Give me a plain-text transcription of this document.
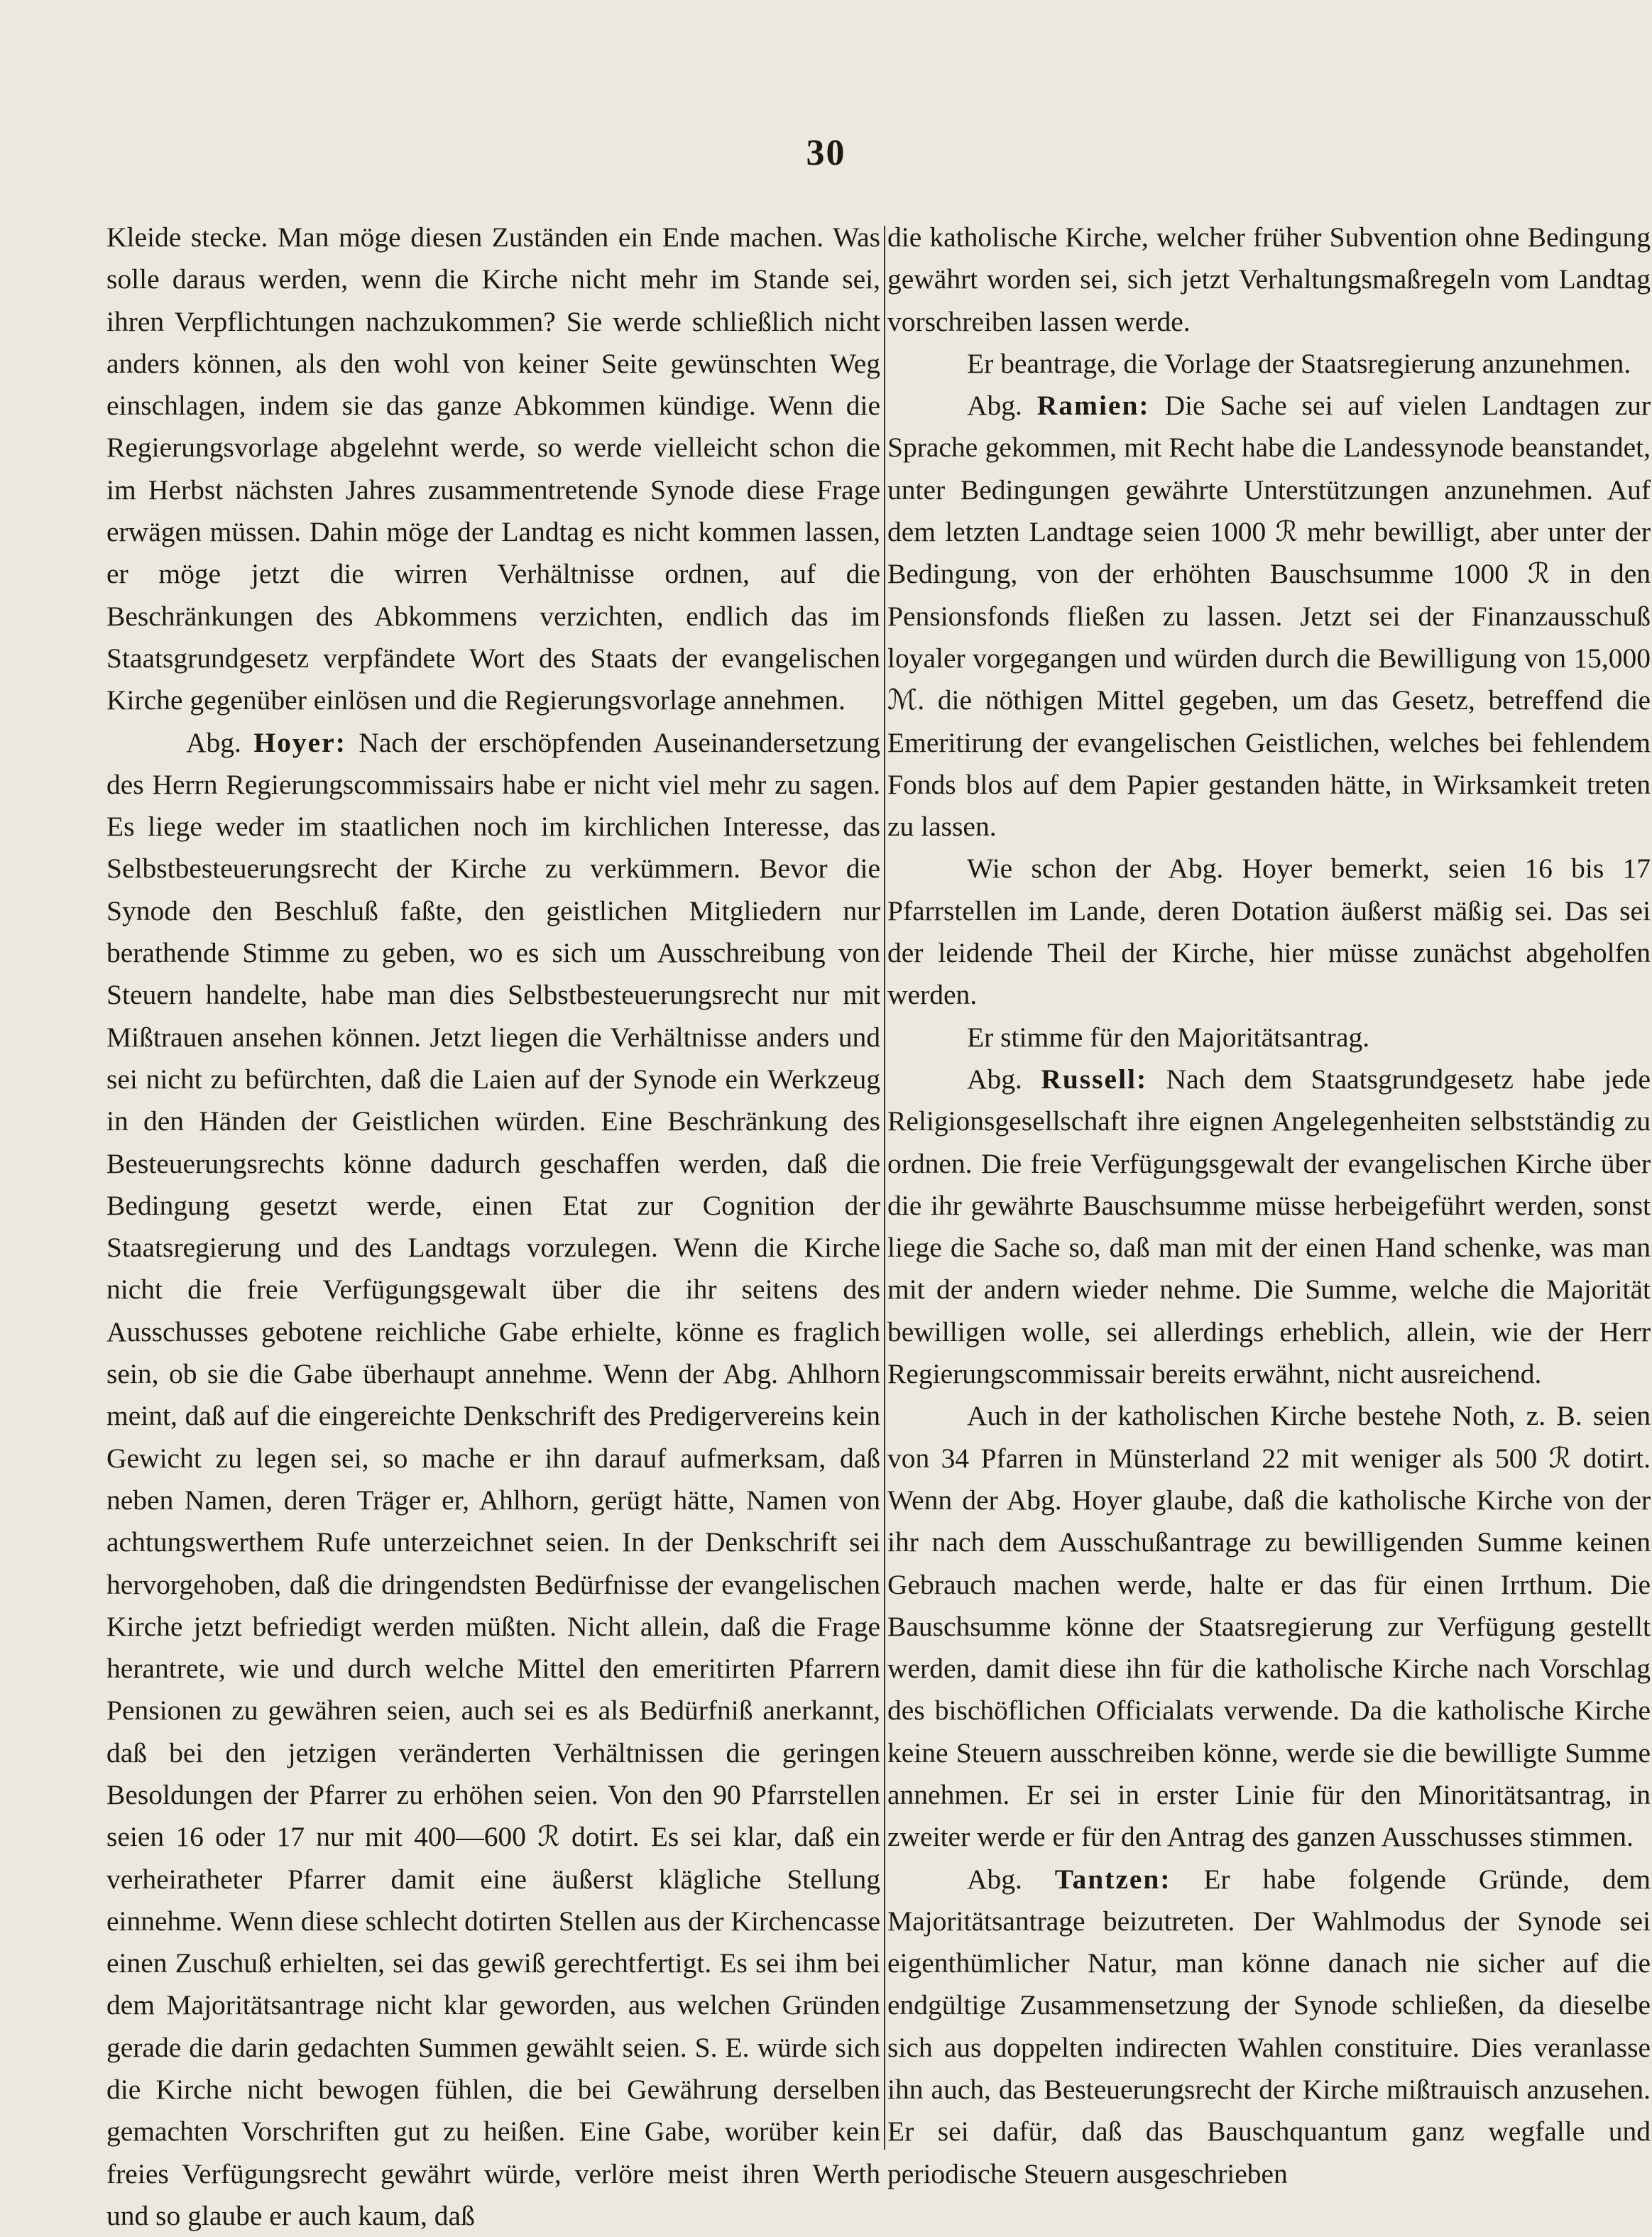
30

Kleide stecke. Man möge diesen Zuständen ein Ende machen. Was solle daraus werden, wenn die Kirche nicht mehr im Stande sei, ihren Verpflichtungen nachzukommen? Sie werde schließlich nicht anders können, als den wohl von keiner Seite gewünschten Weg einschlagen, indem sie das ganze Abkommen kündige. Wenn die Regierungsvorlage abgelehnt werde, so werde vielleicht schon die im Herbst nächsten Jahres zusammentretende Synode diese Frage erwägen müssen. Dahin möge der Landtag es nicht kommen lassen, er möge jetzt die wirren Verhältnisse ordnen, auf die Beschränkungen des Abkommens verzichten, endlich das im Staatsgrundgesetz verpfändete Wort des Staats der evangelischen Kirche gegenüber einlösen und die Regierungsvorlage annehmen.

Abg. Hoyer: Nach der erschöpfenden Auseinandersetzung des Herrn Regierungscommissairs habe er nicht viel mehr zu sagen. Es liege weder im staatlichen noch im kirchlichen Interesse, das Selbstbesteuerungsrecht der Kirche zu verkümmern. Bevor die Synode den Beschluß faßte, den geistlichen Mitgliedern nur berathende Stimme zu geben, wo es sich um Ausschreibung von Steuern handelte, habe man dies Selbstbesteuerungsrecht nur mit Mißtrauen ansehen können. Jetzt liegen die Verhältnisse anders und sei nicht zu befürchten, daß die Laien auf der Synode ein Werkzeug in den Händen der Geistlichen würden. Eine Beschränkung des Besteuerungsrechts könne dadurch geschaffen werden, daß die Bedingung gesetzt werde, einen Etat zur Cognition der Staatsregierung und des Landtags vorzulegen. Wenn die Kirche nicht die freie Verfügungsgewalt über die ihr seitens des Ausschusses gebotene reichliche Gabe erhielte, könne es fraglich sein, ob sie die Gabe überhaupt annehme. Wenn der Abg. Ahlhorn meint, daß auf die eingereichte Denkschrift des Predigervereins kein Gewicht zu legen sei, so mache er ihn darauf aufmerksam, daß neben Namen, deren Träger er, Ahlhorn, gerügt hätte, Namen von achtungswerthem Rufe unterzeichnet seien. In der Denkschrift sei hervorgehoben, daß die dringendsten Bedürfnisse der evangelischen Kirche jetzt befriedigt werden müßten. Nicht allein, daß die Frage herantrete, wie und durch welche Mittel den emeritirten Pfarrern Pensionen zu gewähren seien, auch sei es als Bedürfniß anerkannt, daß bei den jetzigen veränderten Verhältnissen die geringen Besoldungen der Pfarrer zu erhöhen seien. Von den 90 Pfarrstellen seien 16 oder 17 nur mit 400—600 ℛ dotirt. Es sei klar, daß ein verheiratheter Pfarrer damit eine äußerst klägliche Stellung einnehme. Wenn diese schlecht dotirten Stellen aus der Kirchencasse einen Zuschuß erhielten, sei das gewiß gerechtfertigt. Es sei ihm bei dem Majoritätsantrage nicht klar geworden, aus welchen Gründen gerade die darin gedachten Summen gewählt seien. S. E. würde sich die Kirche nicht bewogen fühlen, die bei Gewährung derselben gemachten Vorschriften gut zu heißen. Eine Gabe, worüber kein freies Verfügungsrecht gewährt würde, verlöre meist ihren Werth und so glaube er auch kaum, daß

die katholische Kirche, welcher früher Subvention ohne Bedingung gewährt worden sei, sich jetzt Verhaltungsmaßregeln vom Landtag vorschreiben lassen werde.

Er beantrage, die Vorlage der Staatsregierung anzunehmen.

Abg. Ramien: Die Sache sei auf vielen Landtagen zur Sprache gekommen, mit Recht habe die Landessynode beanstandet, unter Bedingungen gewährte Unterstützungen anzunehmen. Auf dem letzten Landtage seien 1000 ℛ mehr bewilligt, aber unter der Bedingung, von der erhöhten Bauschsumme 1000 ℛ in den Pensionsfonds fließen zu lassen. Jetzt sei der Finanzausschuß loyaler vorgegangen und würden durch die Bewilligung von 15,000 ℳ. die nöthigen Mittel gegeben, um das Gesetz, betreffend die Emeritirung der evangelischen Geistlichen, welches bei fehlendem Fonds blos auf dem Papier gestanden hätte, in Wirksamkeit treten zu lassen.

Wie schon der Abg. Hoyer bemerkt, seien 16 bis 17 Pfarrstellen im Lande, deren Dotation äußerst mäßig sei. Das sei der leidende Theil der Kirche, hier müsse zunächst abgeholfen werden.

Er stimme für den Majoritätsantrag.

Abg. Russell: Nach dem Staatsgrundgesetz habe jede Religionsgesellschaft ihre eignen Angelegenheiten selbstständig zu ordnen. Die freie Verfügungsgewalt der evangelischen Kirche über die ihr gewährte Bauschsumme müsse herbeigeführt werden, sonst liege die Sache so, daß man mit der einen Hand schenke, was man mit der andern wieder nehme. Die Summe, welche die Majorität bewilligen wolle, sei allerdings erheblich, allein, wie der Herr Regierungscommissair bereits erwähnt, nicht ausreichend.

Auch in der katholischen Kirche bestehe Noth, z. B. seien von 34 Pfarren in Münsterland 22 mit weniger als 500 ℛ dotirt. Wenn der Abg. Hoyer glaube, daß die katholische Kirche von der ihr nach dem Ausschußantrage zu bewilligenden Summe keinen Gebrauch machen werde, halte er das für einen Irrthum. Die Bauschsumme könne der Staatsregierung zur Verfügung gestellt werden, damit diese ihn für die katholische Kirche nach Vorschlag des bischöflichen Officialats verwende. Da die katholische Kirche keine Steuern ausschreiben könne, werde sie die bewilligte Summe annehmen. Er sei in erster Linie für den Minoritätsantrag, in zweiter werde er für den Antrag des ganzen Ausschusses stimmen.

Abg. Tantzen: Er habe folgende Gründe, dem Majoritätsantrage beizutreten. Der Wahlmodus der Synode sei eigenthümlicher Natur, man könne danach nie sicher auf die endgültige Zusammensetzung der Synode schließen, da dieselbe sich aus doppelten indirecten Wahlen constituire. Dies veranlasse ihn auch, das Besteuerungsrecht der Kirche mißtrauisch anzusehen. Er sei dafür, daß das Bauschquantum ganz wegfalle und periodische Steuern ausgeschrieben
